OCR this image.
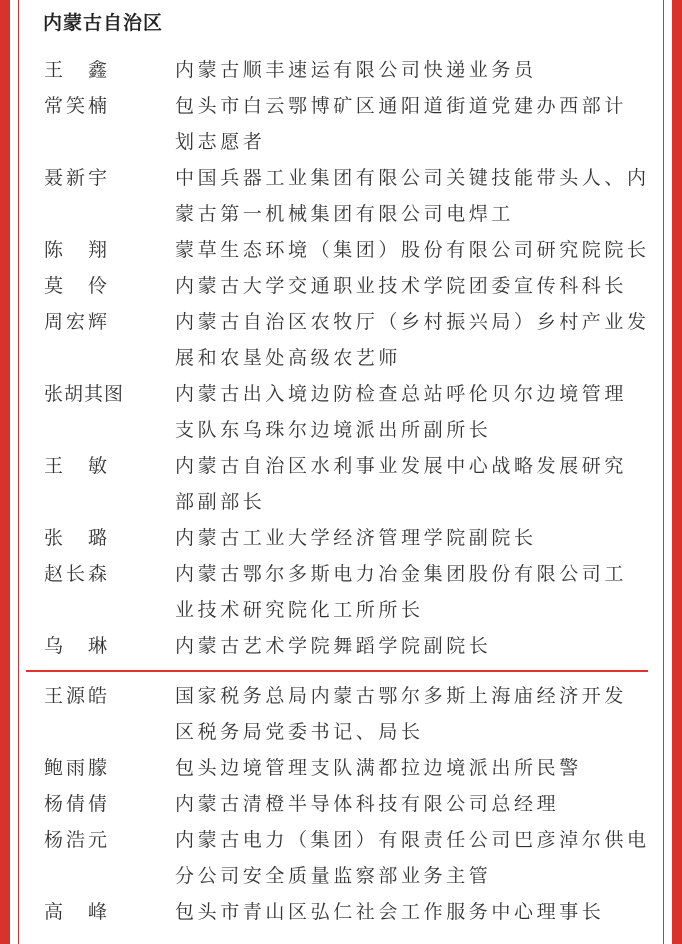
内蒙古自治区
王鑫	内蒙古顺丰速运有限公司快递业务员
常笑楠	包头市白云鄂博矿区通阳道街道党建办西部计
划志愿者
聂新宇	中国兵器工业集团有限公司关键技能带头人、内
蒙古第一机械集团有限公司电焊工
陈翔	蒙草生态环境（集团）股份有限公司研究院院长
莫伶	内蒙古大学交通职业技术学院团委宣传科科长
周宏辉	内蒙古自治区农牧厅（乡村振兴局）乡村产业发
展和农垦处高级农艺师
张胡其图	内蒙古出入境边防检查总站呼伦贝尔边境管理
支队东乌珠尔边境派出所副所长
王敏	内蒙古自治区水利事业发展中心战略发展研究
部副部长
张璐	内蒙古工业大学经济管理学院副院长
赵长森	内蒙古鄂尔多斯电力冶金集团股份有限公司工
业技术研究院化工所所长
乌琳	内蒙古艺术学院舞蹈学院副院长
王源皓	国家税务总局内蒙古鄂尔多斯上海庙经济开发
区税务局党委书记、局长
鲍雨朦	包头边境管理支队满都拉边境派出所民警
杨倩倩	内蒙古清橙半导体科技有限公司总经理
杨浩元	内蒙古电力（集团）有限责任公司巴彦淖尔供电
分公司安全质量监察部业务主管
高峰	包头市青山区弘仁社会工作服务中心理事长
